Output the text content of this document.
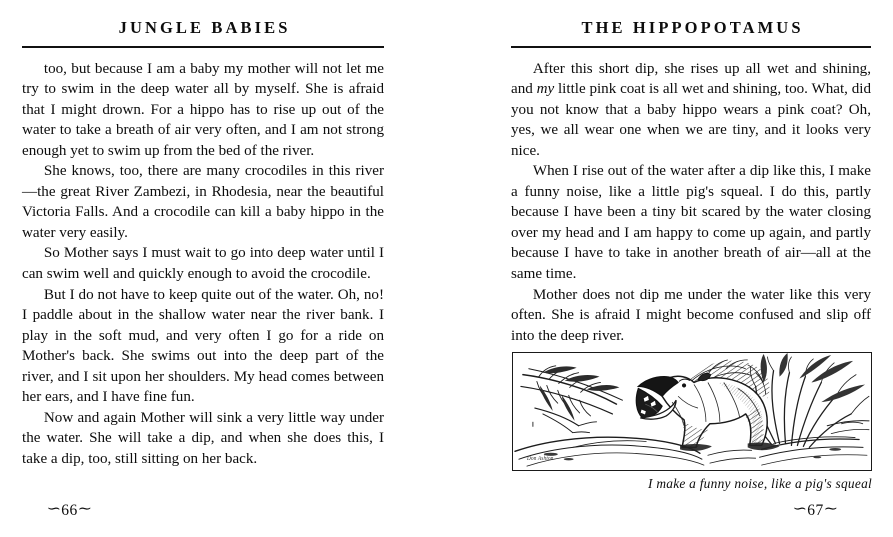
JUNGLE BABIES

too, but because I am a baby my mother will not let me try to swim in the deep water all by myself. She is afraid that I might drown. For a hippo has to rise up out of the water to take a breath of air very often, and I am not strong enough yet to swim up from the bed of the river.

She knows, too, there are many crocodiles in this river—the great River Zambezi, in Rhodesia, near the beautiful Victoria Falls. And a crocodile can kill a baby hippo in the water very easily.

So Mother says I must wait to go into deep water until I can swim well and quickly enough to avoid the crocodile.

But I do not have to keep quite out of the water. Oh, no! I paddle about in the shallow water near the river bank. I play in the soft mud, and very often I go for a ride on Mother's back. She swims out into the deep part of the river, and I sit upon her shoulders. My head comes between her ears, and I have fine fun.

Now and again Mother will sink a very little way under the water. She will take a dip, and when she does this, I take a dip, too, still sitting on her back.

∽66∼
THE HIPPOPOTAMUS

After this short dip, she rises up all wet and shining, and my little pink coat is all wet and shining, too. What, did you not know that a baby hippo wears a pink coat? Oh, yes, we all wear one when we are tiny, and it looks very nice.

When I rise out of the water after a dip like this, I make a funny noise, like a little pig's squeal. I do this, partly because I have been a tiny bit scared by the water closing over my head and I am happy to come up again, and partly because I have to take in another breath of air—all at the same time.

Mother does not dip me under the water like this very often. She is afraid I might become confused and slip off into the deep river.

Don Ashton
I make a funny noise, like a pig's squeal
∽67∼
